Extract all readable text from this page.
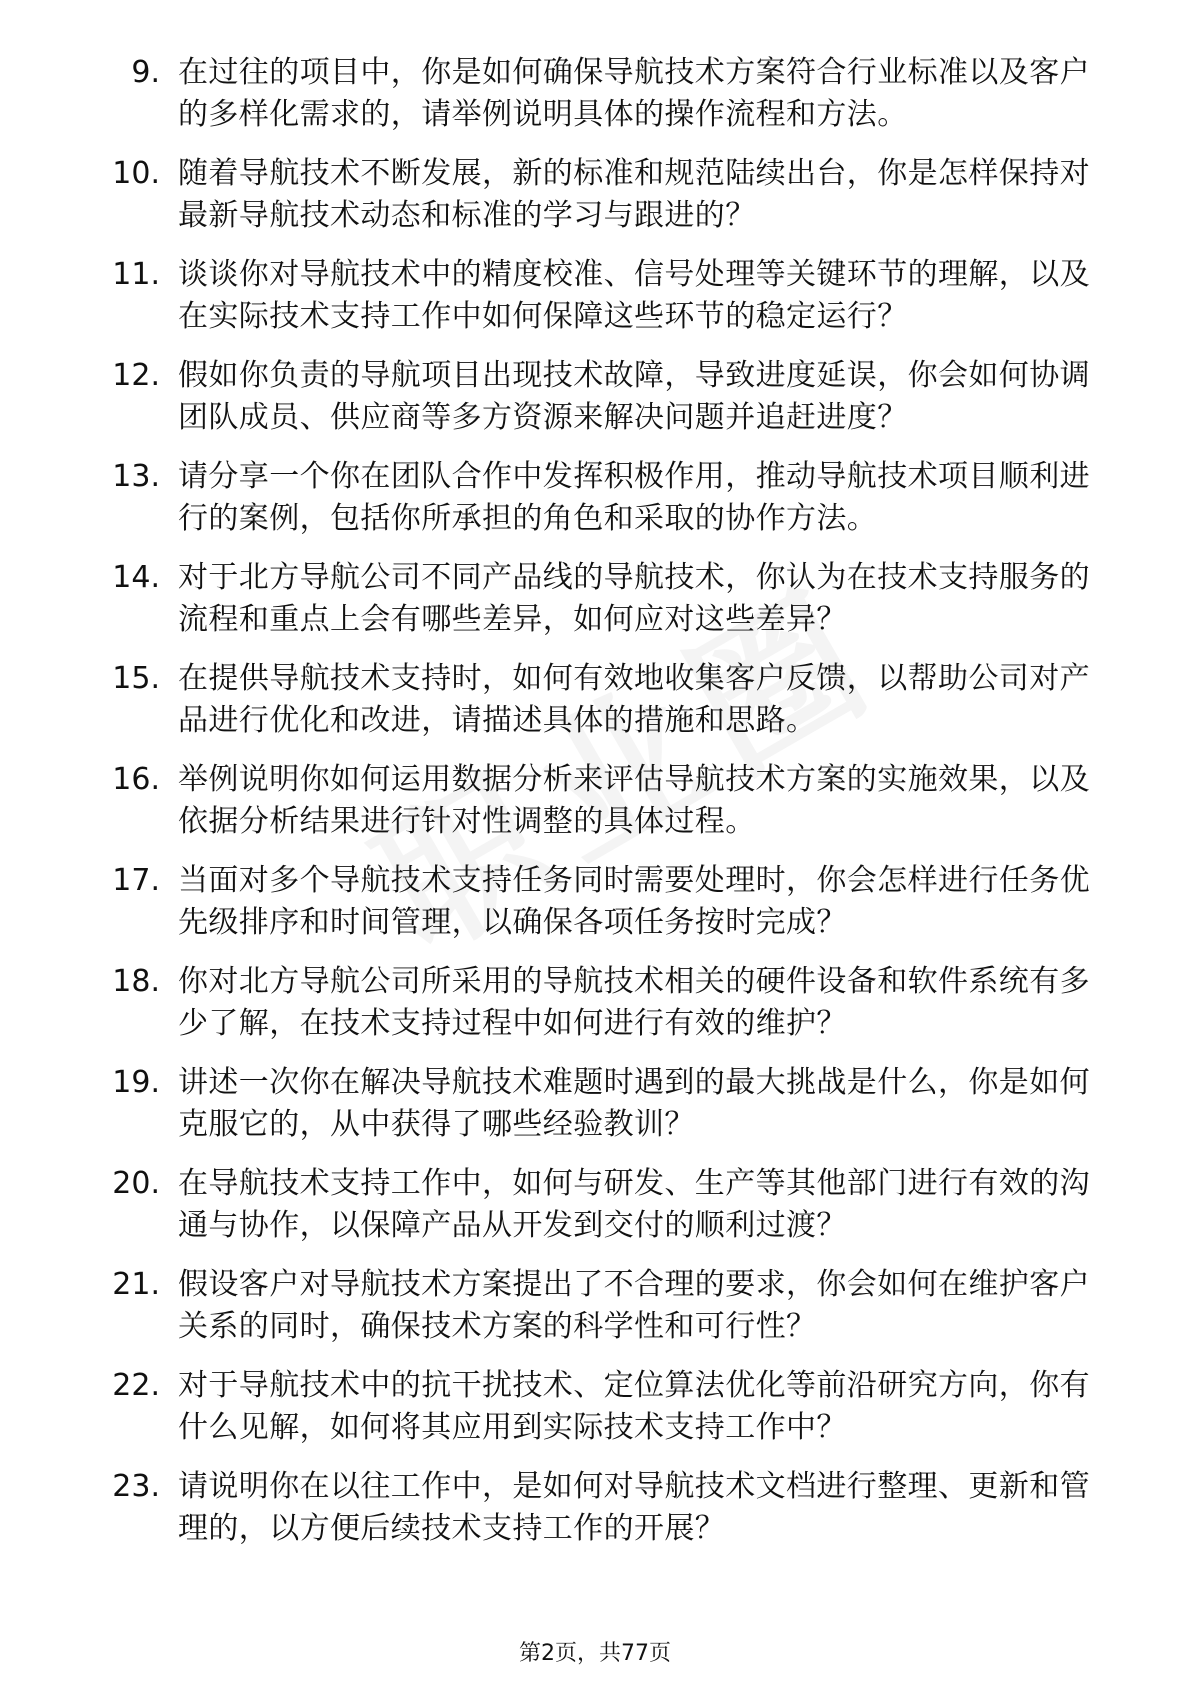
9. 在过往的项目中，你是如何确保导航技术方案符合行业标准以及客户的多样化需求的，请举例说明具体的操作流程和方法。
10. 随着导航技术不断发展，新的标准和规范陆续出台，你是怎样保持对最新导航技术动态和标准的学习与跟进的？
11. 谈谈你对导航技术中的精度校准、信号处理等关键环节的理解，以及在实际技术支持工作中如何保障这些环节的稳定运行？
12. 假如你负责的导航项目出现技术故障，导致进度延误，你会如何协调团队成员、供应商等多方资源来解决问题并追赶进度？
13. 请分享一个你在团队合作中发挥积极作用，推动导航技术项目顺利进行的案例，包括你所承担的角色和采取的协作方法。
14. 对于北方导航公司不同产品线的导航技术，你认为在技术支持服务的流程和重点上会有哪些差异，如何应对这些差异？
15. 在提供导航技术支持时，如何有效地收集客户反馈，以帮助公司对产品进行优化和改进，请描述具体的措施和思路。
16. 举例说明你如何运用数据分析来评估导航技术方案的实施效果，以及依据分析结果进行针对性调整的具体过程。
17. 当面对多个导航技术支持任务同时需要处理时，你会怎样进行任务优先级排序和时间管理，以确保各项任务按时完成？
18. 你对北方导航公司所采用的导航技术相关的硬件设备和软件系统有多少了解，在技术支持过程中如何进行有效的维护？
19. 讲述一次你在解决导航技术难题时遇到的最大挑战是什么，你是如何克服它的，从中获得了哪些经验教训？
20. 在导航技术支持工作中，如何与研发、生产等其他部门进行有效的沟通与协作，以保障产品从开发到交付的顺利过渡？
21. 假设客户对导航技术方案提出了不合理的要求，你会如何在维护客户关系的同时，确保技术方案的科学性和可行性？
22. 对于导航技术中的抗干扰技术、定位算法优化等前沿研究方向，你有什么见解，如何将其应用到实际技术支持工作中？
23. 请说明你在以往工作中，是如何对导航技术文档进行整理、更新和管理的，以方便后续技术支持工作的开展？
第2页，共77页
